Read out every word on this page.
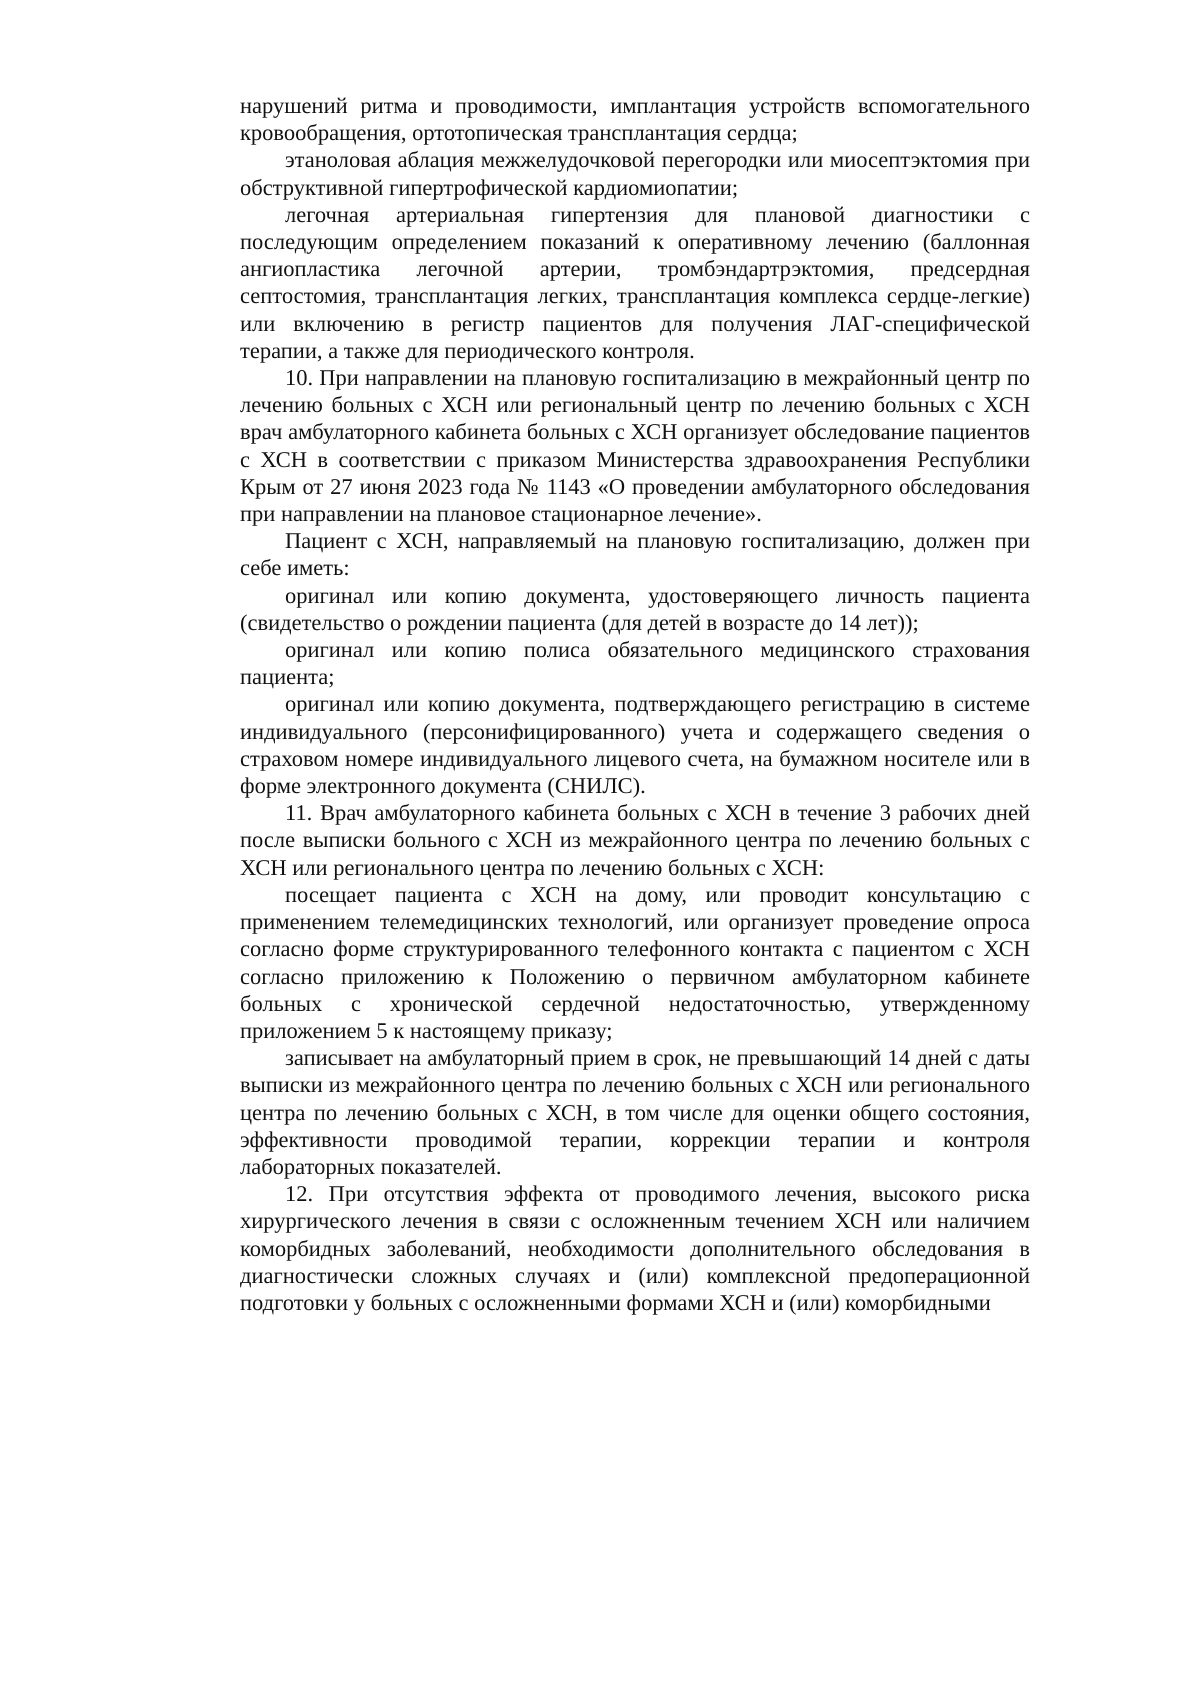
нарушений ритма и проводимости, имплантация устройств вспомогательного кровообращения, ортотопическая трансплантация сердца;

этаноловая аблация межжелудочковой перегородки или миосептэктомия при обструктивной гипертрофической кардиомиопатии;

легочная артериальная гипертензия для плановой диагностики с последующим определением показаний к оперативному лечению (баллонная ангиопластика легочной артерии, тромбэндартрэктомия, предсердная септостомия, трансплантация легких, трансплантация комплекса сердце-легкие) или включению в регистр пациентов для получения ЛАГ-специфической терапии, а также для периодического контроля.

10. При направлении на плановую госпитализацию в межрайонный центр по лечению больных с ХСН или региональный центр по лечению больных с ХСН врач амбулаторного кабинета больных с ХСН организует обследование пациентов с ХСН в соответствии с приказом Министерства здравоохранения Республики Крым от 27 июня 2023 года № 1143 «О проведении амбулаторного обследования при направлении на плановое стационарное лечение».

Пациент с ХСН, направляемый на плановую госпитализацию, должен при себе иметь:

оригинал или копию документа, удостоверяющего личность пациента (свидетельство о рождении пациента (для детей в возрасте до 14 лет));

оригинал или копию полиса обязательного медицинского страхования пациента;

оригинал или копию документа, подтверждающего регистрацию в системе индивидуального (персонифицированного) учета и содержащего сведения о страховом номере индивидуального лицевого счета, на бумажном носителе или в форме электронного документа (СНИЛС).

11. Врач амбулаторного кабинета больных с ХСН в течение 3 рабочих дней после выписки больного с ХСН из межрайонного центра по лечению больных с ХСН или регионального центра по лечению больных с ХСН:

посещает пациента с ХСН на дому, или проводит консультацию с применением телемедицинских технологий, или организует проведение опроса согласно форме структурированного телефонного контакта с пациентом с ХСН согласно приложению к Положению о первичном амбулаторном кабинете больных с хронической сердечной недостаточностью, утвержденному приложением 5 к настоящему приказу;

записывает на амбулаторный прием в срок, не превышающий 14 дней с даты выписки из межрайонного центра по лечению больных с ХСН или регионального центра по лечению больных с ХСН, в том числе для оценки общего состояния, эффективности проводимой терапии, коррекции терапии и контроля лабораторных показателей.

12. При отсутствия эффекта от проводимого лечения, высокого риска хирургического лечения в связи с осложненным течением ХСН или наличием коморбидных заболеваний, необходимости дополнительного обследования в диагностически сложных случаях и (или) комплексной предоперационной подготовки у больных с осложненными формами ХСН и (или) коморбидными
